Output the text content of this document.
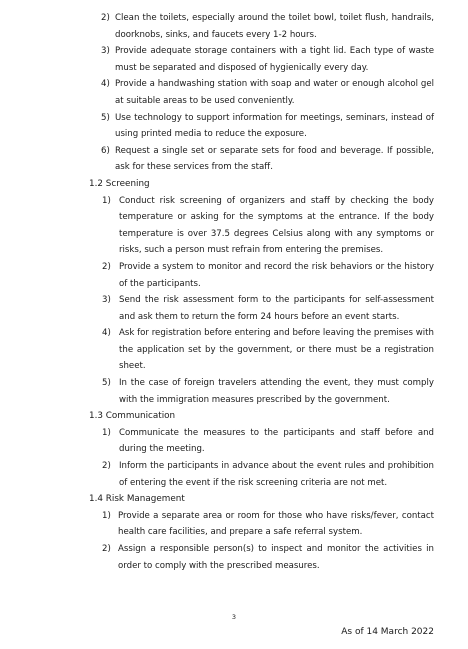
2) Clean the toilets, especially around the toilet bowl, toilet flush, handrails, doorknobs, sinks, and faucets every 1-2 hours.
3) Provide adequate storage containers with a tight lid. Each type of waste must be separated and disposed of hygienically every day.
4) Provide a handwashing station with soap and water or enough alcohol gel at suitable areas to be used conveniently.
5) Use technology to support information for meetings, seminars, instead of using printed media to reduce the exposure.
6) Request a single set or separate sets for food and beverage. If possible, ask for these services from the staff.

1.2 Screening

1) Conduct risk screening of organizers and staff by checking the body temperature or asking for the symptoms at the entrance. If the body temperature is over 37.5 degrees Celsius along with any symptoms or risks, such a person must refrain from entering the premises.
2) Provide a system to monitor and record the risk behaviors or the history of the participants.
3) Send the risk assessment form to the participants for self-assessment and ask them to return the form 24 hours before an event starts.
4) Ask for registration before entering and before leaving the premises with the application set by the government, or there must be a registration sheet.
5) In the case of foreign travelers attending the event, they must comply with the immigration measures prescribed by the government.

1.3 Communication

1) Communicate the measures to the participants and staff before and during the meeting.
2) Inform the participants in advance about the event rules and prohibition of entering the event if the risk screening criteria are not met.

1.4 Risk Management

1) Provide a separate area or room for those who have risks/fever, contact health care facilities, and prepare a safe referral system.
2) Assign a responsible person(s) to inspect and monitor the activities in order to comply with the prescribed measures.

3

As of 14 March 2022
